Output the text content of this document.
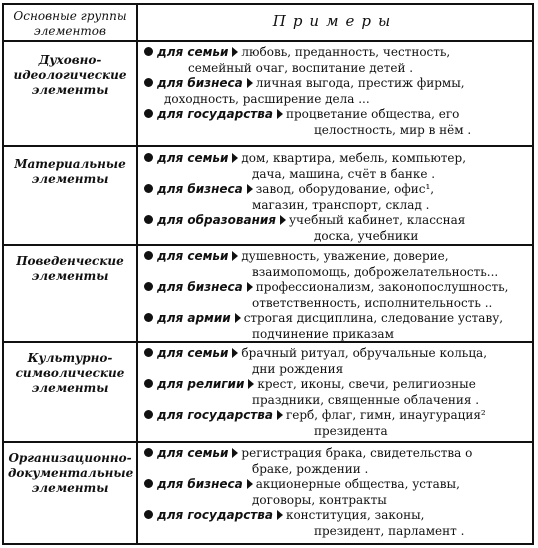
Основные группы элементов
Примеры
Духовно-идеологические элементы
для семьи любовь, преданность, честность,
семейный очаг, воспитание детей .
для бизнеса личная выгода, престиж фирмы,
доходность, расширение дела ...
для государства процветание общества, его
целостность, мир в нём .
Материальные элементы
для семьи дом, квартира, мебель, компьютер,
дача, машина, счёт в банке .
для бизнеса завод, оборудование, офис¹,
магазин, транспорт, склад .
для образования учебный кабинет, классная
доска, учебники
Поведенческие элементы
для семьи душевность, уважение, доверие,
взаимопомощь, доброжелательность...
для бизнеса профессионализм, законопослушность,
ответственность, исполнительность ..
для армии строгая дисциплина, следование уставу,
подчинение приказам
Культурно-символические элементы
для семьи брачный ритуал, обручальные кольца,
дни рождения
для религии крест, иконы, свечи, религиозные
праздники, священные облачения .
для государства герб, флаг, гимн, инаугурация²
президента
Организационно-документальные элементы
для семьи регистрация брака, свидетельства о
браке, рождении .
для бизнеса акционерные общества, уставы,
договоры, контракты
для государства конституция, законы,
президент, парламент .
